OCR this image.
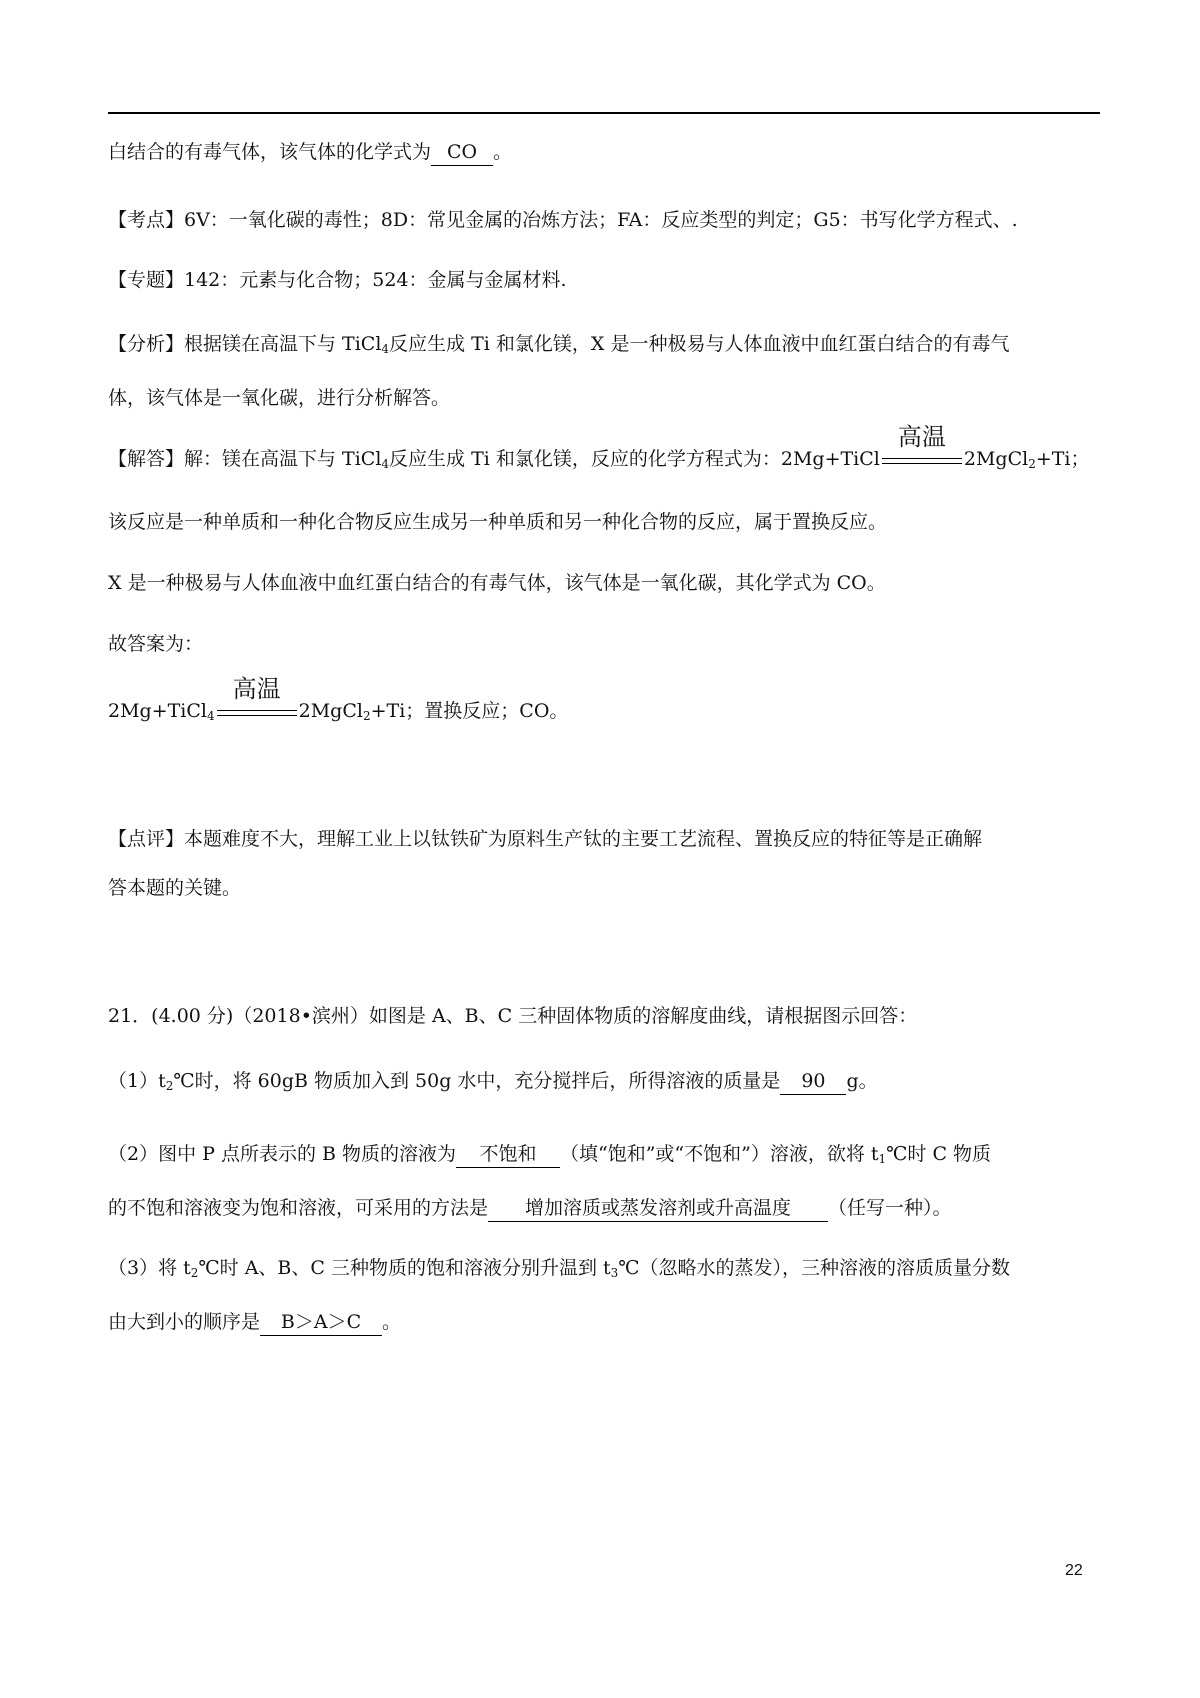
白结合的有毒气体，该气体的化学式为 CO 。
【考点】6V：一氧化碳的毒性；8D：常见金属的冶炼方法；FA：反应类型的判定；G5：书写化学方程式、.
【专题】142：元素与化合物；524：金属与金属材料.
【分析】根据镁在高温下与 TiCl$_4$反应生成 Ti 和氯化镁，X 是一种极易与人体血液中血红蛋白结合的有毒气
体，该气体是一氧化碳，进行分析解答。
【解答】解：镁在高温下与 TiCl$_4$反应生成 Ti 和氯化镁，反应的化学方程式为：2Mg+TiCl
高温
2MgCl$_2$+Ti；
该反应是一种单质和一种化合物反应生成另一种单质和另一种化合物的反应，属于置换反应。
X 是一种极易与人体血液中血红蛋白结合的有毒气体，该气体是一氧化碳，其化学式为 CO。
故答案为：
2Mg+TiCl$_4$
高温
2MgCl$_2$+Ti；置换反应；CO。
【点评】本题难度不大，理解工业上以钛铁矿为原料生产钛的主要工艺流程、置换反应的特征等是正确解
答本题的关键。
21．(4.00 分)（2018•滨州）如图是 A、B、C 三种固体物质的溶解度曲线，请根据图示回答：
$(1)t_2℃$时，将 60gB 物质加入到 50g 水中，充分搅拌后，所得溶液的质量是 90 g。
（2）图中 P 点所表示的 B 物质的溶液为 不饱和 （填“饱和”或“不饱和”）溶液，欲将 $t_1℃$时 C 物质
的不饱和溶液变为饱和溶液，可采用的方法是 增加溶质或蒸发溶剂或升高温度 （任写一种）。
（3）将 $t_2℃$时 A、B、C 三种物质的饱和溶液分别升温到 $t_3℃$（忽略水的蒸发），三种溶液的溶质质量分数
由大到小的顺序是 B＞A＞C 。
22
